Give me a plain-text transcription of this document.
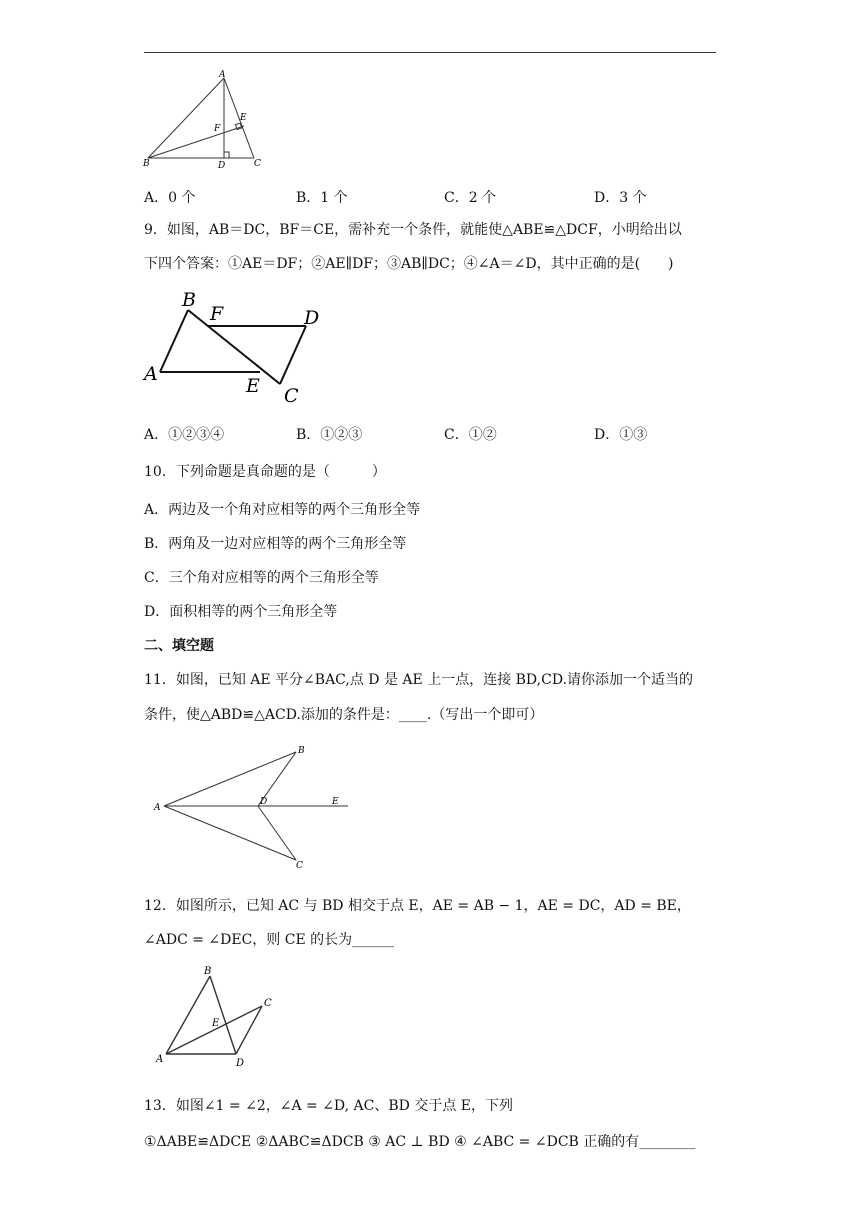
A
E
F
B	D	C
A．0 个	B．1 个	C．2 个	D．3 个
9．如图，AB＝DC，BF＝CE，需补充一个条件，就能使△ABE≌△DCF，小明给出以
下四个答案：①AE＝DF；②AE∥DF；③AB∥DC；④∠A＝∠D，其中正确的是(　　)
B
F	D
A
E C
A．①②③④	B．①②③	C．①②	D．①③
10．下列命题是真命题的是（　　　）
A．两边及一个角对应相等的两个三角形全等
B．两角及一边对应相等的两个三角形全等
C．三个角对应相等的两个三角形全等
D．面积相等的两个三角形全等
二、填空题
11．如图，已知 AE 平分∠BAC,点 D 是 AE 上一点，连接 BD,CD.请你添加一个适当的
条件，使△ABD≌△ACD.添加的条件是：____.（写出一个即可）
A
B
D	E
C
12．如图所示，已知 AC 与 BD 相交于点 E，AE = AB − 1，AE = DC，AD = BE，
∠ADC = ∠DEC，则 CE 的长为______
B
C
E
A	D
13．如图∠1 = ∠2，∠A = ∠D, AC、BD 交于点 E，下列
①ΔABE≌ΔDCE ②ΔABC≌ΔDCB ③ AC ⊥ BD ④ ∠ABC = ∠DCB 正确的有________
